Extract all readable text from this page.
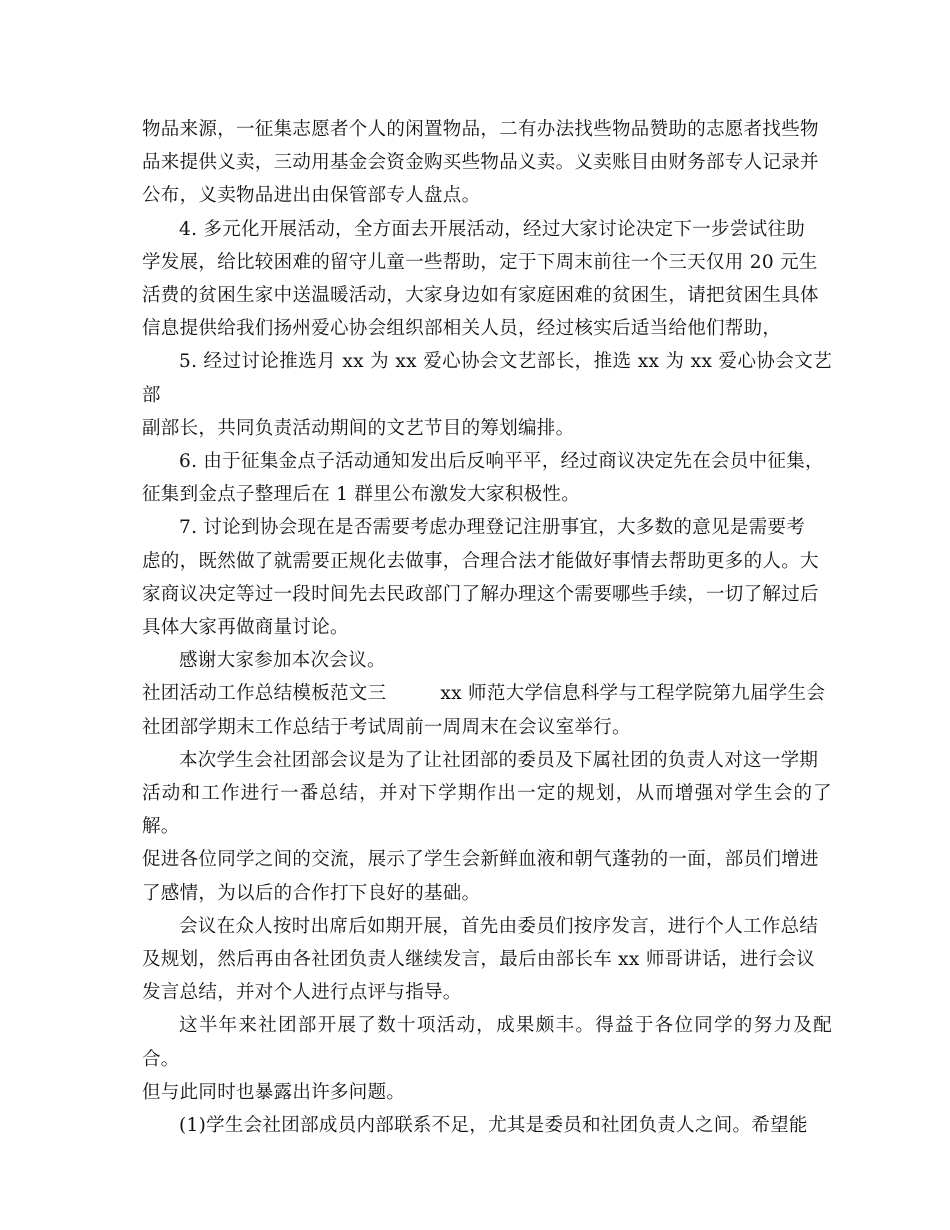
物品来源，一征集志愿者个人的闲置物品，二有办法找些物品赞助的志愿者找些物
品来提供义卖，三动用基金会资金购买些物品义卖。义卖账目由财务部专人记录并
公布，义卖物品进出由保管部专人盘点。

4. 多元化开展活动，全方面去开展活动，经过大家讨论决定下一步尝试往助
学发展，给比较困难的留守儿童一些帮助，定于下周末前往一个三天仅用 20 元生
活费的贫困生家中送温暖活动，大家身边如有家庭困难的贫困生，请把贫困生具体
信息提供给我们扬州爱心协会组织部相关人员，经过核实后适当给他们帮助，

5. 经过讨论推选月 xx 为 xx 爱心协会文艺部长，推选 xx 为 xx 爱心协会文艺部
副部长，共同负责活动期间的文艺节目的筹划编排。

6. 由于征集金点子活动通知发出后反响平平，经过商议决定先在会员中征集，
征集到金点子整理后在 1 群里公布激发大家积极性。

7. 讨论到协会现在是否需要考虑办理登记注册事宜，大多数的意见是需要考
虑的，既然做了就需要正规化去做事，合理合法才能做好事情去帮助更多的人。大
家商议决定等过一段时间先去民政部门了解办理这个需要哪些手续，一切了解过后
具体大家再做商量讨论。

感谢大家参加本次会议。

社团活动工作总结模板范文三	xx 师范大学信息科学与工程学院第九届学生会
社团部学期末工作总结于考试周前一周周末在会议室举行。

本次学生会社团部会议是为了让社团部的委员及下属社团的负责人对这一学期
活动和工作进行一番总结，并对下学期作出一定的规划，从而增强对学生会的了解。
促进各位同学之间的交流，展示了学生会新鲜血液和朝气蓬勃的一面，部员们增进
了感情，为以后的合作打下良好的基础。

会议在众人按时出席后如期开展，首先由委员们按序发言，进行个人工作总结
及规划，然后再由各社团负责人继续发言，最后由部长车 xx 师哥讲话，进行会议
发言总结，并对个人进行点评与指导。

这半年来社团部开展了数十项活动，成果颇丰。得益于各位同学的努力及配合。
但与此同时也暴露出许多问题。

(1)学生会社团部成员内部联系不足，尤其是委员和社团负责人之间。希望能
